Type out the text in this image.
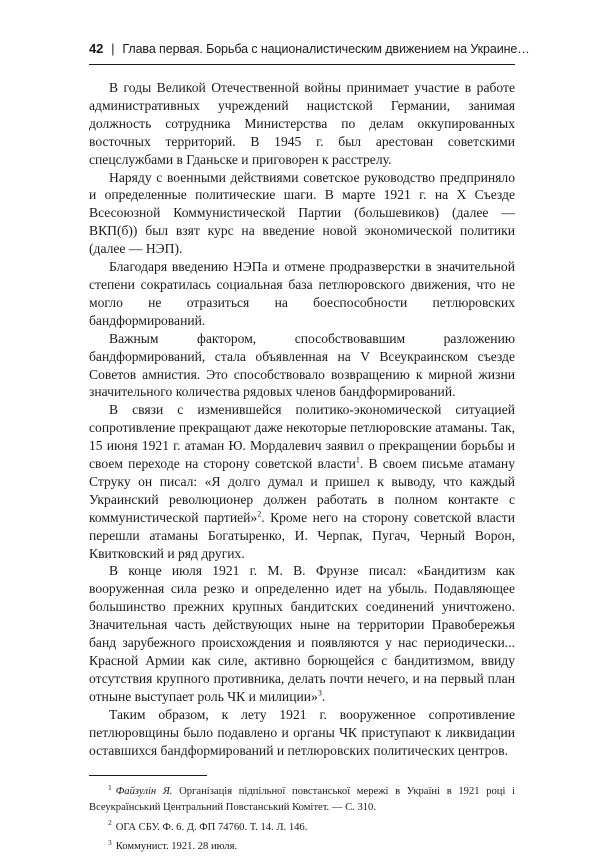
42 | Глава первая. Борьба с националистическим движением на Украине…

В годы Великой Отечественной войны принимает участие в работе административных учреждений нацистской Германии, занимая должность сотрудника Министерства по делам оккупированных восточных территорий. В 1945 г. был арестован советскими спецслужбами в Гданьске и приговорен к расстрелу.

Наряду с военными действиями советское руководство предприняло и определенные политические шаги. В марте 1921 г. на X Съезде Всесоюзной Коммунистической Партии (большевиков) (далее — ВКП(б)) был взят курс на введение новой экономической политики (далее — НЭП).

Благодаря введению НЭПа и отмене продразверстки в значительной степени сократилась социальная база петлюровского движения, что не могло не отразиться на боеспособности петлюровских бандформирований.

Важным фактором, способствовавшим разложению бандформирований, стала объявленная на V Всеукраинском съезде Советов амнистия. Это способствовало возвращению к мирной жизни значительного количества рядовых членов бандформирований.

В связи с изменившейся политико-экономической ситуацией сопротивление прекращают даже некоторые петлюровские атаманы. Так, 15 июня 1921 г. атаман Ю. Мордалевич заявил о прекращении борьбы и своем переходе на сторону советской власти$^1$. В своем письме атаману Струку он писал: «Я долго думал и пришел к выводу, что каждый Украинский революционер должен работать в полном контакте с коммунистической партией»$^2$. Кроме него на сторону советской власти перешли атаманы Богатыренко, И. Черпак, Пугач, Черный Ворон, Квитковский и ряд других.

В конце июля 1921 г. М. В. Фрунзе писал: «Бандитизм как вооруженная сила резко и определенно идет на убыль. Подавляющее большинство прежних крупных бандитских соединений уничтожено. Значительная часть действующих ныне на территории Правобережья банд зарубежного происхождения и появляются у нас периодически... Красной Армии как силе, активно борющейся с бандитизмом, ввиду отсутствия крупного противника, делать почти нечего, и на первый план отныне выступает роль ЧК и милиции»$^3$.

Таким образом, к лету 1921 г. вооруженное сопротивление петлюровщины было подавлено и органы ЧК приступают к ликвидации оставшихся бандформирований и петлюровских политических центров.

$^1$ Файзулін Я. Організація підпільної повстанської мережі в Україні в 1921 році і Всеукраїнський Центральний Повстанський Комітет. — С. 310.

$^2$ ОГА СБУ. Ф. 6. Д. ФП 74760. Т. 14. Л. 146.

$^3$ Коммунист. 1921. 28 июля.
